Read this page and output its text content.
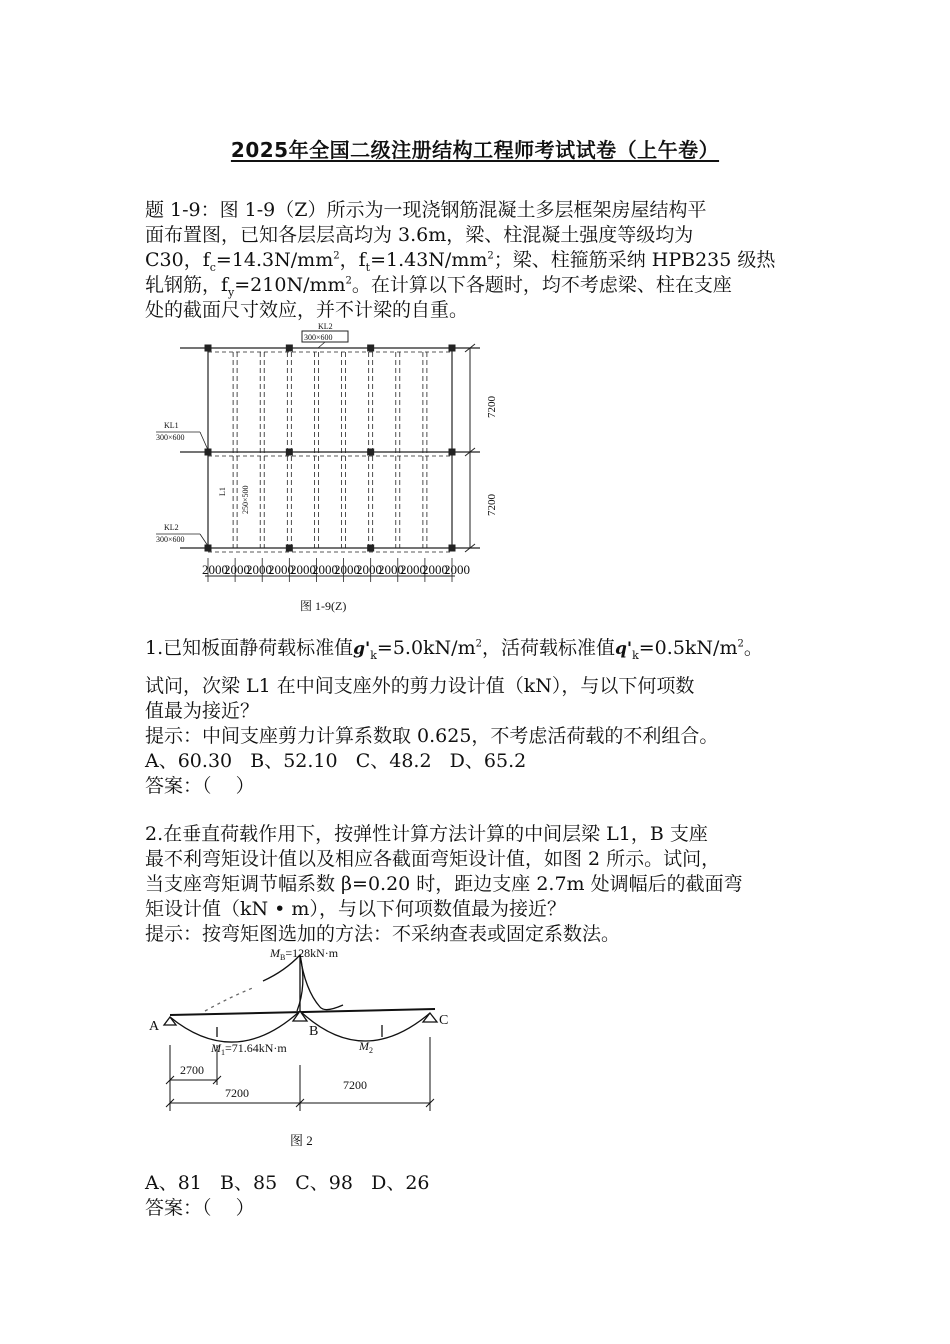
2025年全国二级注册结构工程师考试试卷（上午卷）
题 1-9：图 1-9（Z）所示为一现浇钢筋混凝土多层框架房屋结构平
面布置图，已知各层层高均为 3.6m，梁、柱混凝土强度等级均为
C30，$f_c=14.3N/mm^2$，$f_t=1.43N/mm^2$；梁、柱箍筋采纳 HPB235 级热
轧钢筋，$f_y=210N/mm^2$。在计算以下各题时，均不考虑梁、柱在支座
处的截面尺寸效应，并不计梁的自重。
KL2
300×600
KL1
300×600
KL2
300×600
L1 250×500
7200
7200
2000
2000
2000
2000
2000
2000
2000
2000
2000
2000
2000
2000
图 1-9(Z)
1.已知板面静荷载标准值$g'_k=5.0kN/m^2$，活荷载标准值$q'_k=0.5kN/m^2$。
试问，次梁 L1 在中间支座外的剪力设计值（kN），与以下何项数
值最为接近？
提示：中间支座剪力计算系数取 0.625，不考虑活荷载的不利组合。
A、60.30   B、52.10   C、48.2   D、65.2
答案：（    ）
2.在垂直荷载作用下，按弹性计算方法计算的中间层梁 L1，B 支座
最不利弯矩设计值以及相应各截面弯矩设计值，如图 2 所示。试问，
当支座弯矩调节幅系数 β=0.20 时，距边支座 2.7m 处调幅后的截面弯
矩设计值（kN • m），与以下何项数值最为接近？
提示：按弯矩图选加的方法：不采纳查表或固定系数法。
$M_B=128kN\cdot m$
A	B
C
$M_1=71.64kN\cdot m$	$M_2$
2700
7200
7200
图 2
A、81   B、85   C、98   D、26
答案：（    ）
